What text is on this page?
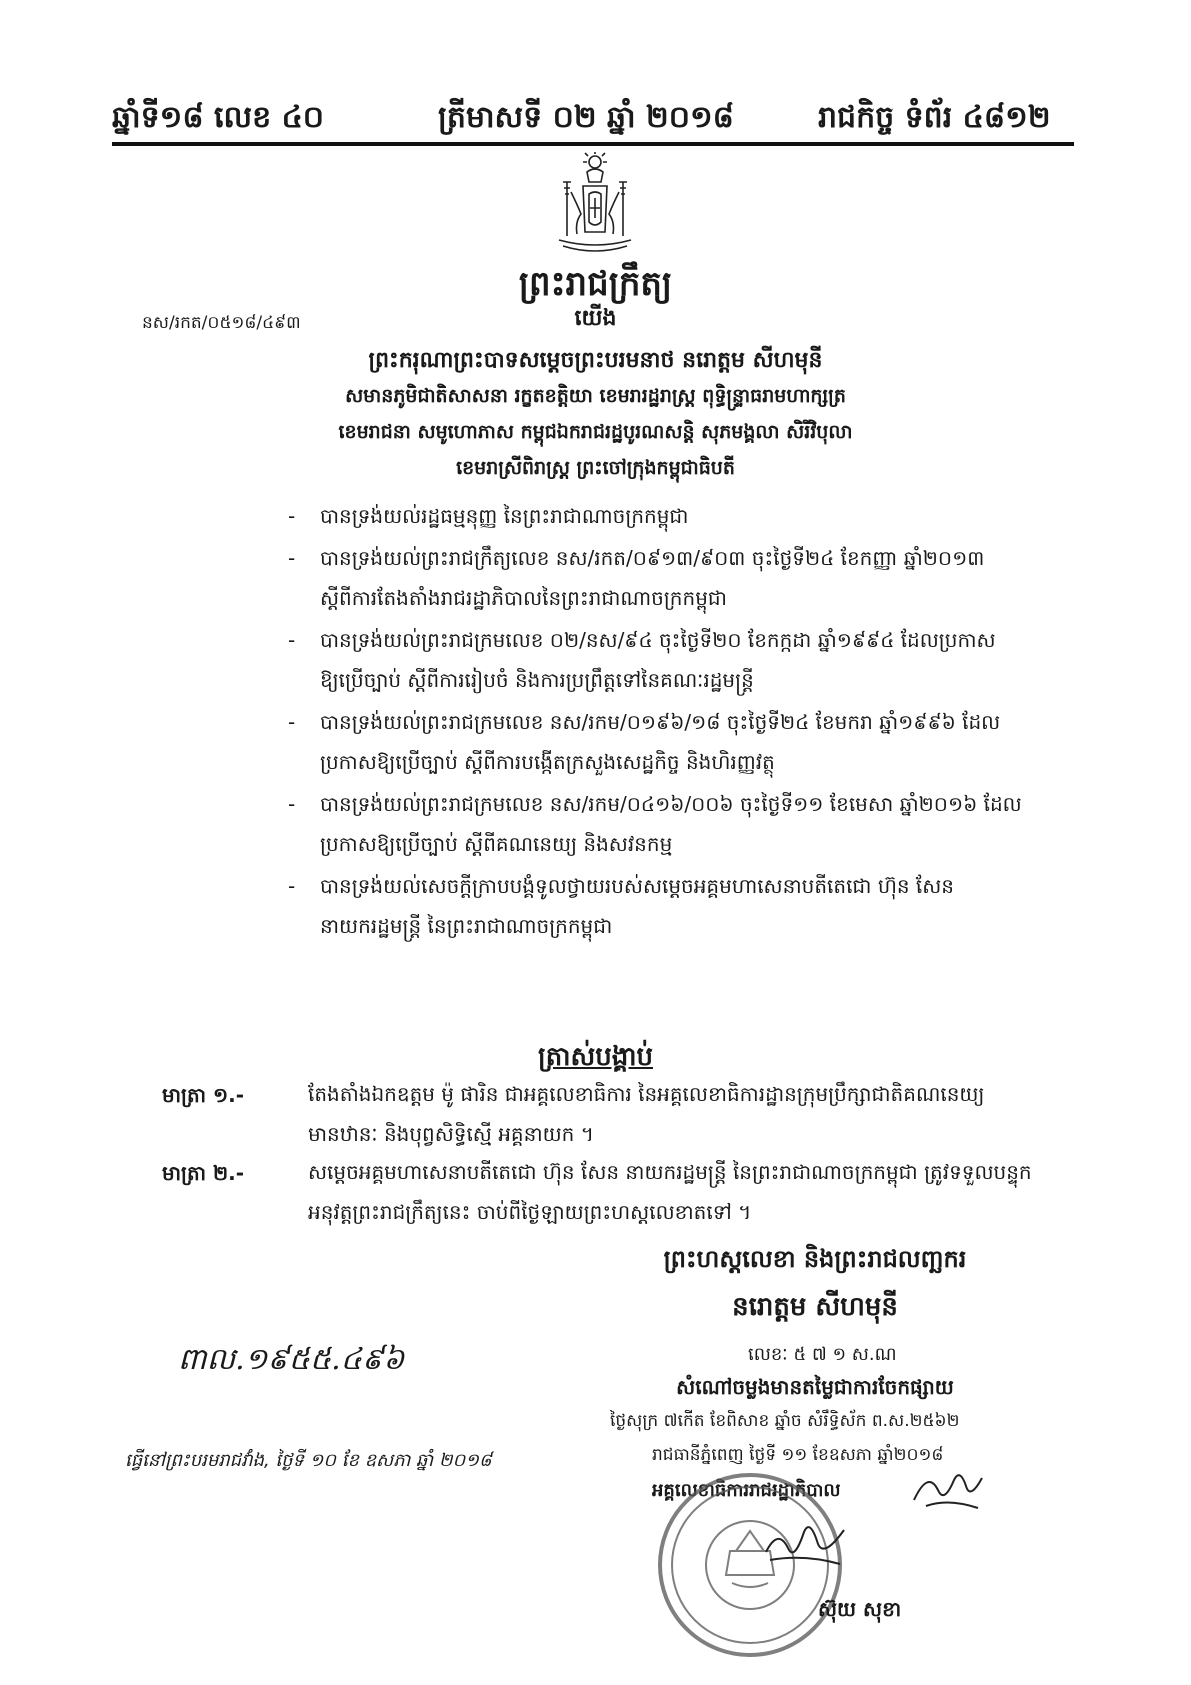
ឆ្នាំទី១៨ លេខ ៤០	ត្រីមាសទី ០២ ឆ្នាំ ២០១៨	រាជកិច្ច ទំព័រ ៤៨១២
ព្រះរាជក្រឹត្យ
នស/រកត/០៥១៨/៤៩៣	យើង
ព្រះករុណាព្រះបាទសម្តេចព្រះបរមនាថ នរោត្តម សីហមុនី
សមានភូមិជាតិសាសនា រក្ខតខត្តិយា ខេមរារដ្ឋរាស្ត្រ ពុទ្ធិន្ទ្រាធរាមហាក្សត្រ
ខេមរាជនា សមូហោភាស កម្ពុជឯករាជរដ្ឋបូរណសន្តិ សុភមង្គលា សិរីវិបុលា
ខេមរាស្រីពិរាស្ត្រ ព្រះចៅក្រុងកម្ពុជាធិបតី
-	បានទ្រង់យល់រដ្ឋធម្មនុញ្ញ នៃព្រះរាជាណាចក្រកម្ពុជា
-	បានទ្រង់យល់ព្រះរាជក្រឹត្យលេខ នស/រកត/០៩១៣/៩០៣ ចុះថ្ងៃទី២៤ ខែកញ្ញា ឆ្នាំ២០១៣
ស្តីពីការតែងតាំងរាជរដ្ឋាភិបាលនៃព្រះរាជាណាចក្រកម្ពុជា
-	បានទ្រង់យល់ព្រះរាជក្រមលេខ ០២/នស/៩៤ ចុះថ្ងៃទី២០ ខែកក្កដា ឆ្នាំ១៩៩៤ ដែលប្រកាស
ឱ្យប្រើច្បាប់ ស្តីពីការរៀបចំ និងការប្រព្រឹត្តទៅនៃគណៈរដ្ឋមន្ត្រី
-	បានទ្រង់យល់ព្រះរាជក្រមលេខ នស/រកម/០១៩៦/១៨ ចុះថ្ងៃទី២៤ ខែមករា ឆ្នាំ១៩៩៦ ដែល
ប្រកាសឱ្យប្រើច្បាប់ ស្តីពីការបង្កើតក្រសួងសេដ្ឋកិច្ច និងហិរញ្ញវត្ថុ
-	បានទ្រង់យល់ព្រះរាជក្រមលេខ នស/រកម/០៤១៦/០០៦ ចុះថ្ងៃទី១១ ខែមេសា ឆ្នាំ២០១៦ ដែល
ប្រកាសឱ្យប្រើច្បាប់ ស្តីពីគណនេយ្យ និងសវនកម្ម
-	បានទ្រង់យល់សេចក្តីក្រាបបង្គំទូលថ្វាយរបស់សម្តេចអគ្គមហាសេនាបតីតេជោ ហ៊ុន សែន
នាយករដ្ឋមន្ត្រី នៃព្រះរាជាណាចក្រកម្ពុជា
ត្រាស់បង្គាប់
មាត្រា ១.-	តែងតាំងឯកឧត្តម ម៉ូ ផារិន ជាអគ្គលេខាធិការ នៃអគ្គលេខាធិការដ្ឋានក្រុមប្រឹក្សាជាតិគណនេយ្យ
មានឋានៈ និងបុព្វសិទ្ធិស្មើ អគ្គនាយក ។
មាត្រា ២.-	សម្តេចអគ្គមហាសេនាបតីតេជោ ហ៊ុន សែន នាយករដ្ឋមន្ត្រី នៃព្រះរាជាណាចក្រកម្ពុជា ត្រូវទទួលបន្ទុក
អនុវត្តព្រះរាជក្រឹត្យនេះ ចាប់ពីថ្ងៃឡាយព្រះហស្តលេខាតទៅ ។
ព្រះហស្តលេខា និងព្រះរាជលញ្ឆករ
នរោត្តម សីហមុនី
ពាល.១៩៥៥.៤៩៦	លេខៈ ៥ ៧ ១ ស.ណ
សំណៅចម្លងមានតម្លៃជាការចែកផ្សាយ
ថ្ងៃសុក្រ ៧កើត ខែពិសាខ ឆ្នាំច សំរឹទ្ធិស័ក ព.ស.២៥៦២
រាជធានីភ្នំពេញ ថ្ងៃទី ១១ ខែឧសភា ឆ្នាំ២០១៨
អគ្គលេខាធិការរាជរដ្ឋាភិបាល
ធ្វើនៅព្រះបរមរាជវាំង, ថ្ងៃទី ១០ ខែ ឧសភា ឆ្នាំ ២០១៨
ស៊ុយ សុខា
